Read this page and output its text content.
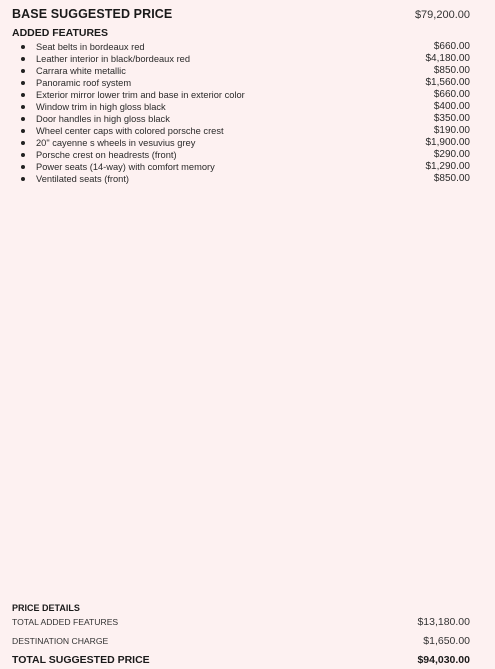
BASE SUGGESTED PRICE	$79,200.00
ADDED FEATURES
Seat belts in bordeaux red	$660.00
Leather interior in black/bordeaux red	$4,180.00
Carrara white metallic	$850.00
Panoramic roof system	$1,560.00
Exterior mirror lower trim and base in exterior color	$660.00
Window trim in high gloss black	$400.00
Door handles in high gloss black	$350.00
Wheel center caps with colored porsche crest	$190.00
20" cayenne s wheels in vesuvius grey	$1,900.00
Porsche crest on headrests (front)	$290.00
Power seats (14-way) with comfort memory	$1,290.00
Ventilated seats (front)	$850.00
PRICE DETAILS
TOTAL ADDED FEATURES	$13,180.00
DESTINATION CHARGE	$1,650.00
TOTAL SUGGESTED PRICE	$94,030.00
